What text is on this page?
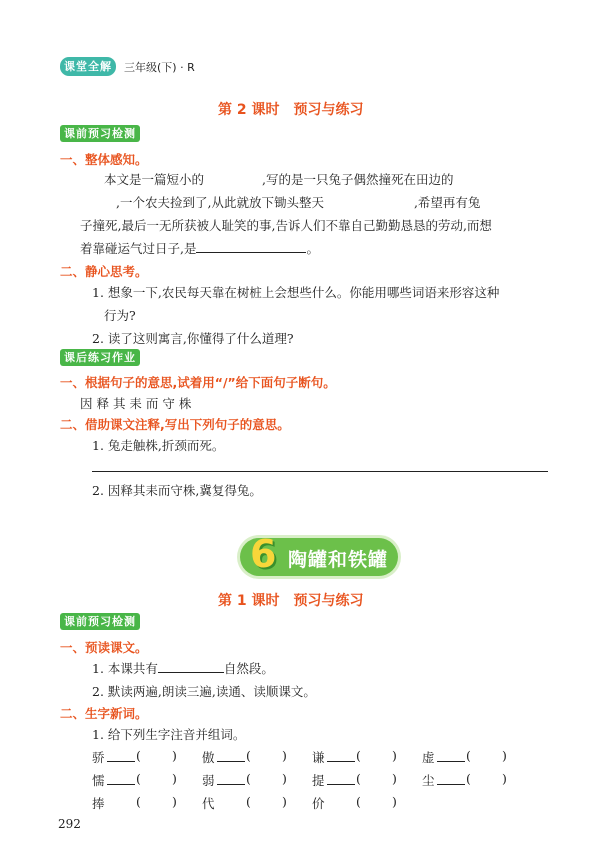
课堂全解	三年级(下) · R
第 2 课时　预习与练习
课前预习检测
一、整体感知。
本文是一篇短小的	,写的是一只兔子偶然撞死在田边的
,一个农夫捡到了,从此就放下锄头整天	,希望再有兔
子撞死,最后一无所获被人耻笑的事,告诉人们不靠自己勤勤恳恳的劳动,而想
着靠碰运气过日子,是	。
二、静心思考。
1. 想象一下,农民每天靠在树桩上会想些什么。你能用哪些词语来形容这种
行为?
2. 读了这则寓言,你懂得了什么道理?
课后练习作业
一、根据句子的意思,试着用“/”给下面句子断句。
因 释 其 耒 而 守 株
二、借助课文注释,写出下列句子的意思。
1. 兔走触株,折颈而死。
2. 因释其耒而守株,冀复得兔。
6 陶罐和铁罐
第 1 课时　预习与练习
课前预习检测
一、预读课文。
1. 本课共有	自然段。
2. 默读两遍,朗读三遍,读通、读顺课文。
二、生字新词。
1. 给下列生字注音并组词。
骄	( ) 傲	( ) 谦	( ) 虚	( )
懦	( ) 弱	( ) 提	( ) 尘	( )
捧	( ) 代	( ) 价	( )
292
